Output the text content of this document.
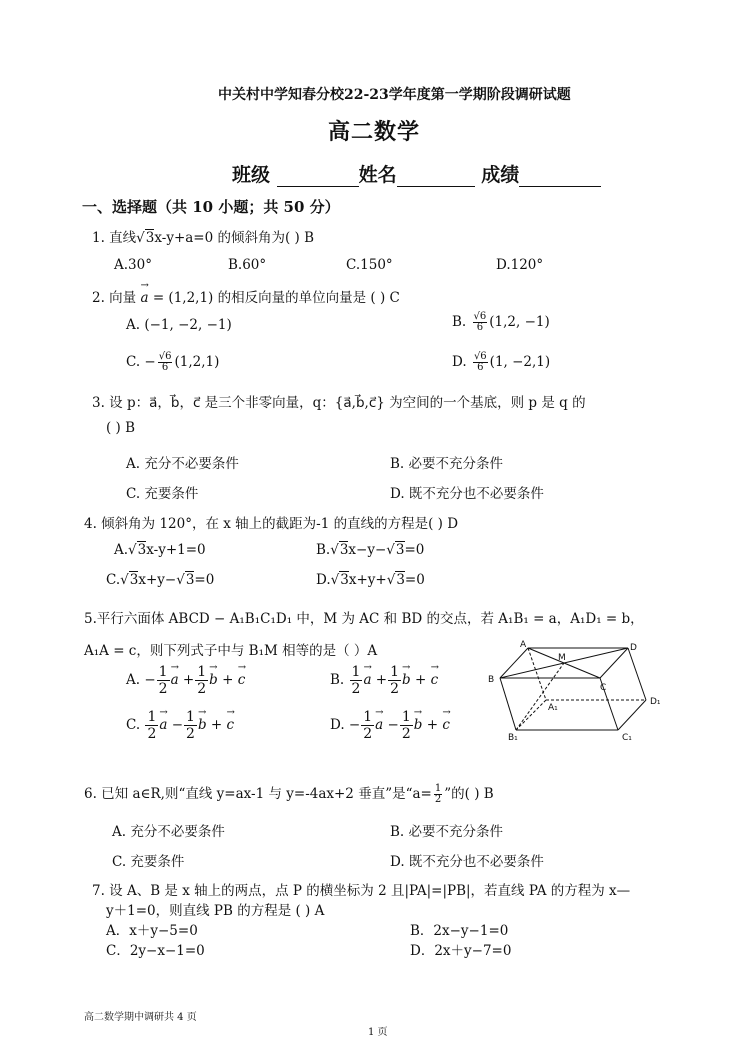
中关村中学知春分校22-23学年度第一学期阶段调研试题
高二数学
班级	姓名	成绩
一、选择题（共 10 小题；共 50 分）
1. 直线√3x-y+a=0 的倾斜角为( ) B
A.30°	B.60°	C.150°	D.120°
2. 向量 → a = (1,2,1) 的相反向量的单位向量是 ( ) C
A. (−1, −2, −1)	B. $\frac{√6}{6} (1,2$, −1)
C. − $\frac{√6}{6} (1,2,1)$	D. $\frac{√6}{6} (1$, −2,1)
3. 设 p：a⃗，b⃗，c⃗ 是三个非零向量，q：{a⃗,b⃗,c⃗} 为空间的一个基底，则 p 是 q 的
( ) B
A. 充分不必要条件	B. 必要不充分条件
C. 充要条件	D. 既不充分也不必要条件
4. 倾斜角为 120°，在 x 轴上的截距为-1 的直线的方程是( ) D
A.√3x-y+1=0	B.√3x−y−√3=0
C.√3x+y−√3=0	D.√3x+y+√3=0
5.平行六面体 ABCD − A₁B₁C₁D₁ 中，M 为 AC 和 BD 的交点，若 A₁B₁ = a，A₁D₁ = b，
A₁A = c，则下列式子中与 B₁M 相等的是（ ）A
A. − $\frac{1}{2}$
→ $a + \frac{1}{2}$
→ b + → c	B. $\frac{1}{2}$
→ $a + \frac{1}{2}$
→ b + → c
C. $\frac{1}{2}$
→ $a - \frac{1}{2}$
→ b + → c	D. − $\frac{1}{2}$
→ $a - \frac{1}{2}$
→ b + → c
A
M
D
B
C
A₁
D₁
B₁	C₁
6. 已知 a∈R,则“直线 y=ax-1 与 y=-4ax+2 垂直”是“$a= \frac{1}{2}$ ”的( ) B
A. 充分不必要条件	B. 必要不充分条件
C. 充要条件	D. 既不充分也不必要条件
7. 设 A、B 是 x 轴上的两点，点 P 的横坐标为 2 且|PA|=|PB|，若直线 PA 的方程为 x—
y＋1=0，则直线 PB 的方程是 ( ) A
A．x＋y−5=0	B．2x−y−1=0
C．2y−x−1=0	D．2x＋y−7=0
高二数学期中调研共 4 页
1 页
